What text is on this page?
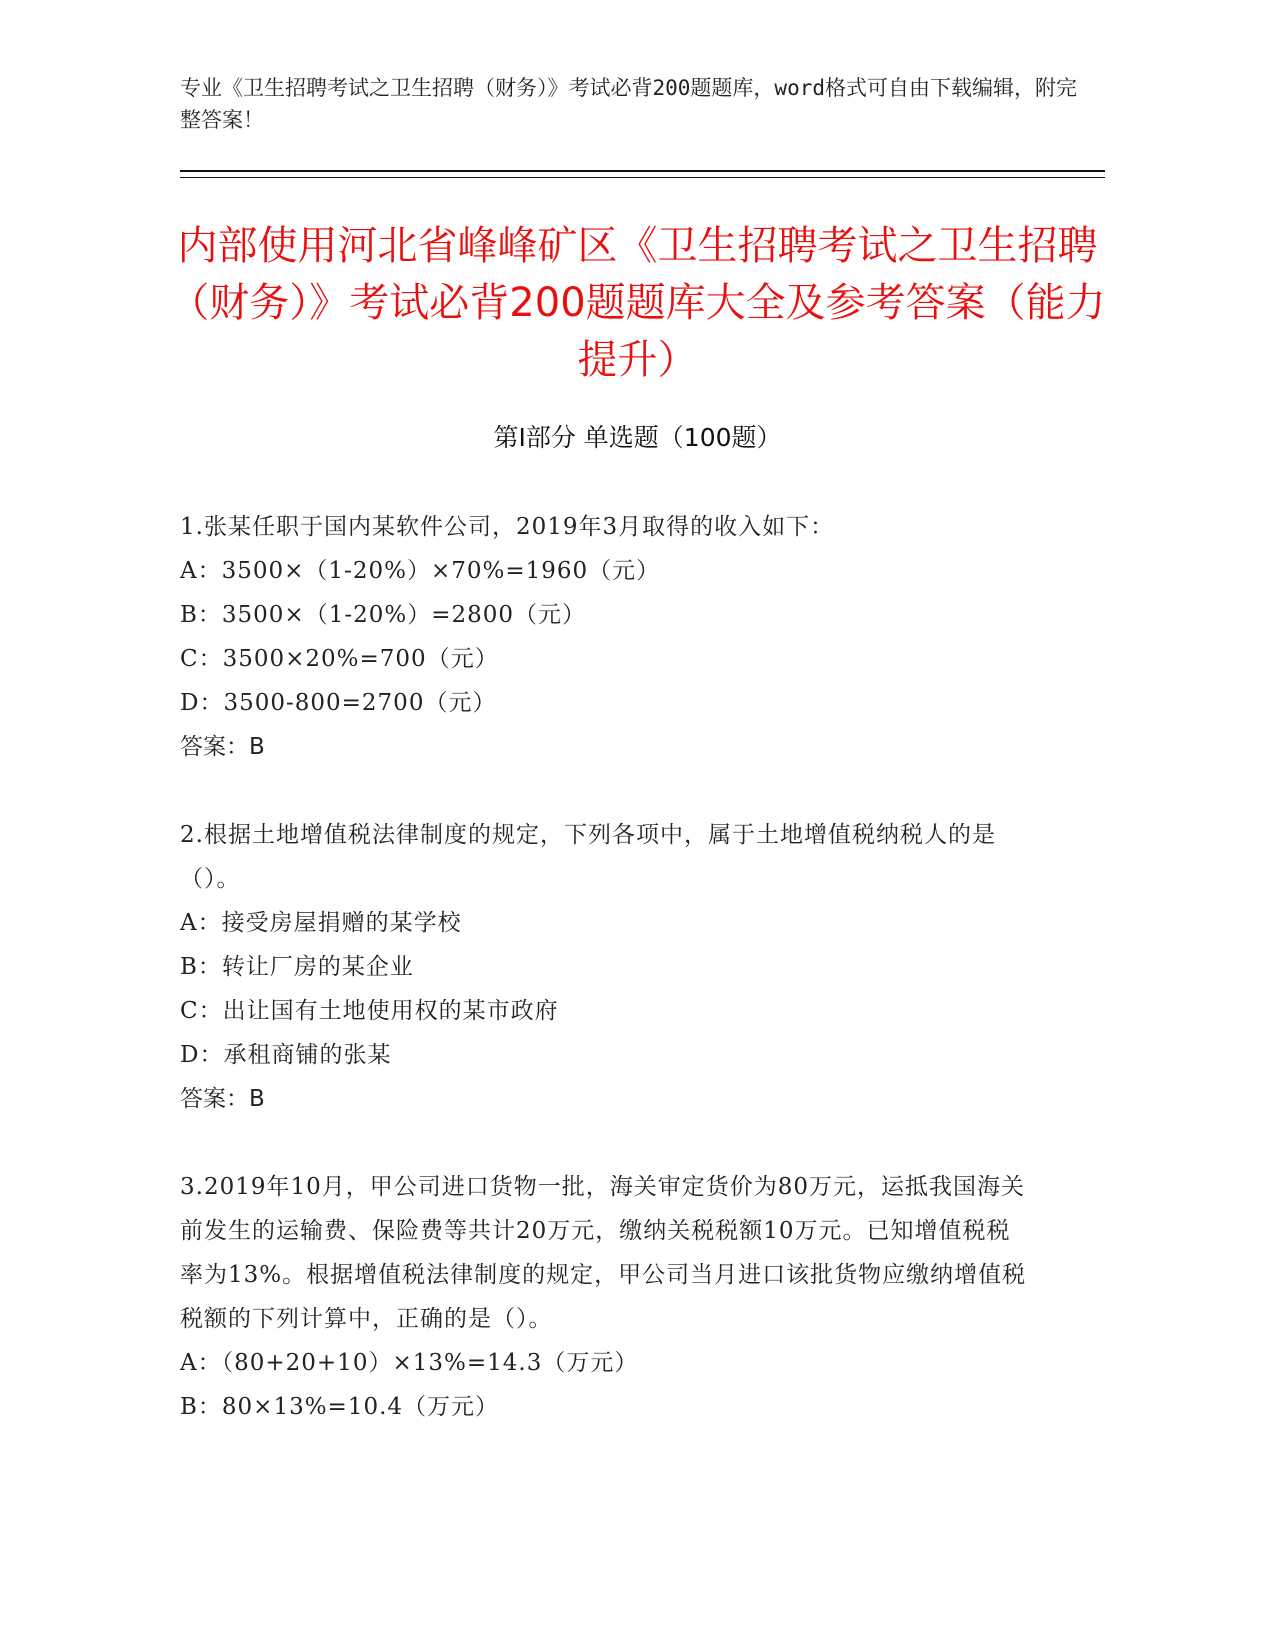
专业《卫生招聘考试之卫生招聘（财务）》考试必背200题题库，word格式可自由下载编辑，附完整答案！
内部使用河北省峰峰矿区《卫生招聘考试之卫生招聘（财务）》考试必背200题题库大全及参考答案（能力提升）
第I部分 单选题（100题）

1.张某任职于国内某软件公司，2019年3月取得的收入如下：

A：3500×（1-20%）×70%=1960（元）

B：3500×（1-20%）=2800（元）

C：3500×20%=700（元）

D：3500-800=2700（元）

答案：B

2.根据土地增值税法律制度的规定，下列各项中，属于土地增值税纳税人的是（）。

A：接受房屋捐赠的某学校

B：转让厂房的某企业

C：出让国有土地使用权的某市政府

D：承租商铺的张某

答案：B

3.2019年10月，甲公司进口货物一批，海关审定货价为80万元，运抵我国海关前发生的运输费、保险费等共计20万元，缴纳关税税额10万元。已知增值税税率为13%。根据增值税法律制度的规定，甲公司当月进口该批货物应缴纳增值税税额的下列计算中，正确的是（）。

A：（80+20+10）×13%=14.3（万元）

B：80×13%=10.4（万元）
